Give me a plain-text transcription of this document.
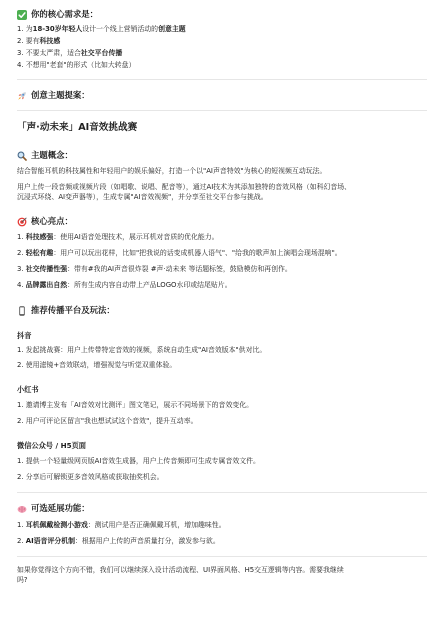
你的核心需求是：
1. 为18-30岁年轻人设计一个线上营销活动的创意主题
2. 要有科技感
3. 不要太严肃，适合社交平台传播
4. 不想用"老套"的形式（比如大转盘）
创意主题提案：
「声·动未来」AI音效挑战赛
主题概念：

结合智能耳机的科技属性和年轻用户的娱乐偏好，打造一个以"AI声音特效"为核心的短视频互动玩法。

用户上传一段音频或视频片段（如唱歌、说唱、配音等），通过AI技术为其添加独特的音效风格（如科幻音场、
沉浸式环绕、AI变声器等），生成专属"AI音效视频"，并分享至社交平台参与挑战。

核心亮点：
1. 科技感强：使用AI语音处理技术，展示耳机对音质的优化能力。
2. 轻松有趣：用户可以玩出花样，比如"把我说的话变成机器人语气"、"给我的歌声加上演唱会现场混响"。
3. 社交传播性强：带有#我的AI声音很炸裂 #声·动未来 等话题标签，鼓励模仿和再创作。
4. 品牌露出自然：所有生成内容自动带上产品LOGO水印或结尾贴片。
推荐传播平台及玩法：
抖音
1. 发起挑战赛：用户上传带特定音效的视频，系统自动生成"AI音效版本"供对比。
2. 使用滤镜+音效联动，增强视觉与听觉双重体验。
小红书
1. 邀请博主发布「AI音效对比测评」图文笔记，展示不同场景下的音效变化。
2. 用户可评论区留言"我也想试试这个音效"，提升互动率。
微信公众号 / H5页面
1. 提供一个轻量级网页版AI音效生成器，用户上传音频即可生成专属音效文件。
2. 分享后可解锁更多音效风格或获取抽奖机会。
可选延展功能：
1. 耳机佩戴检测小游戏：测试用户是否正确佩戴耳机，增加趣味性。
2. AI语音评分机制：根据用户上传的声音质量打分，激发参与欲。
如果你觉得这个方向不错，我们可以继续深入设计活动流程、UI界面风格、H5交互逻辑等内容。需要我继续
吗?
